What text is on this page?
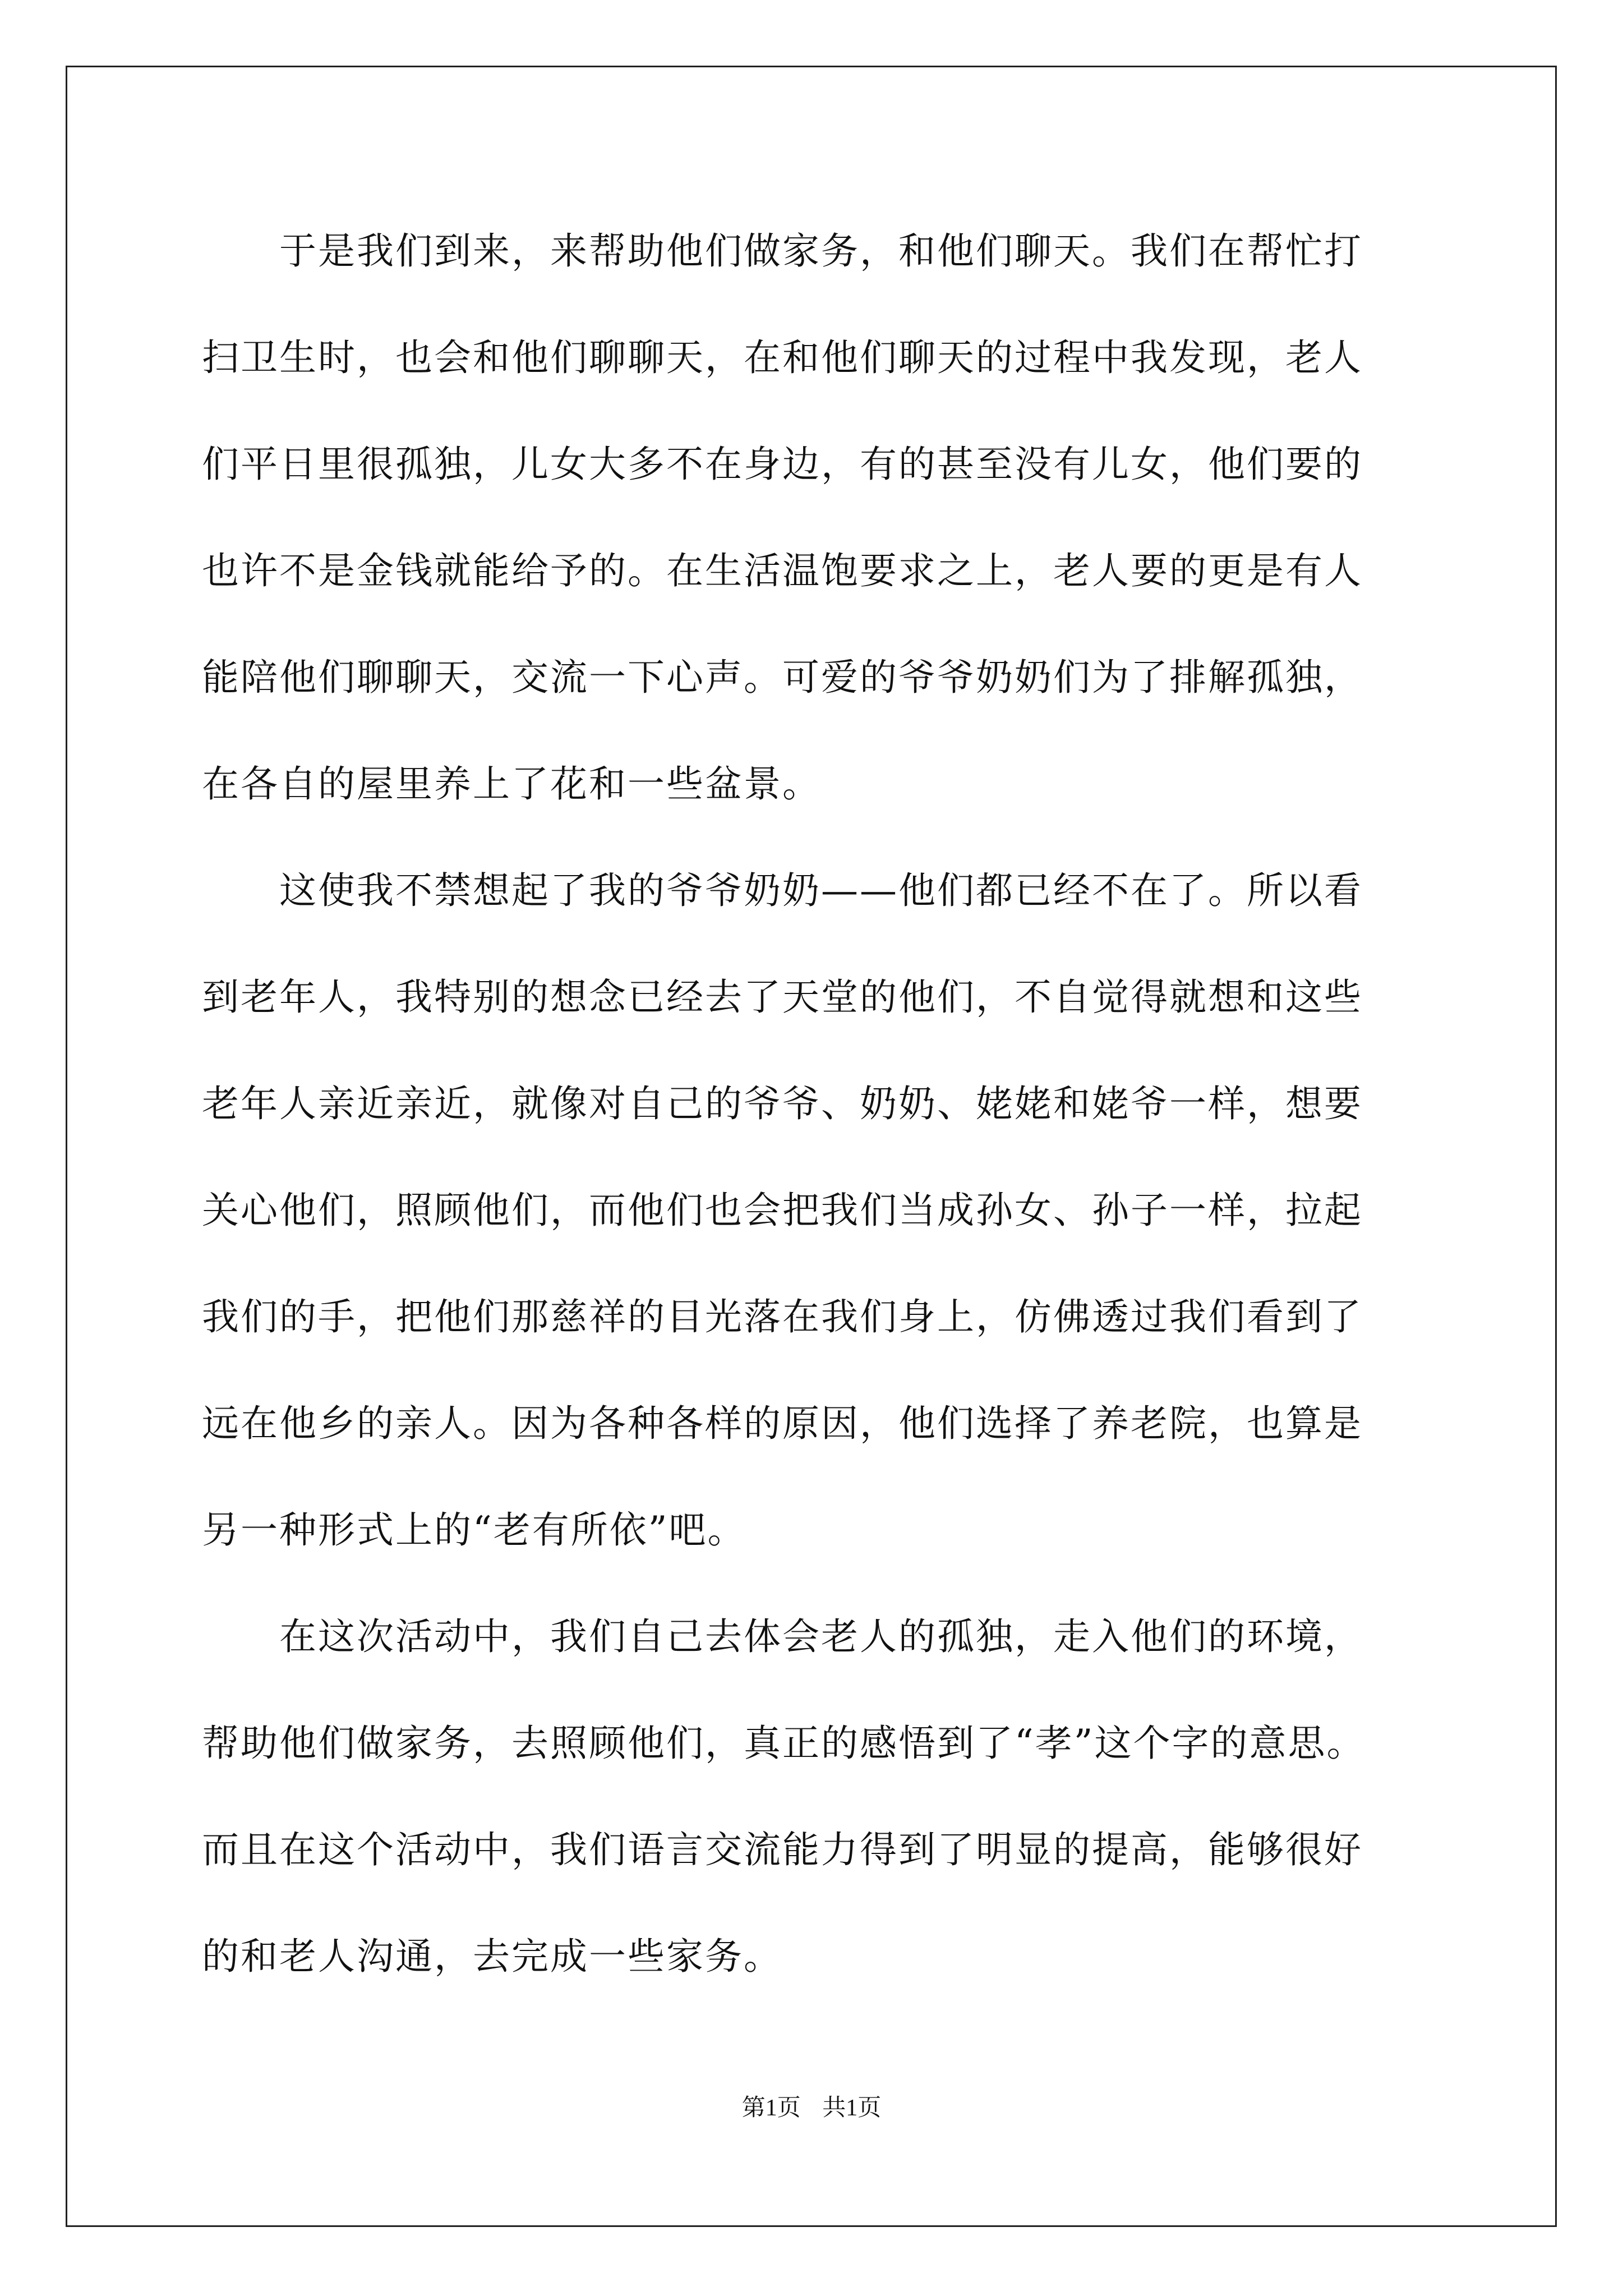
　　于是我们到来，来帮助他们做家务，和他们聊天。我们在帮忙打
扫卫生时，也会和他们聊聊天，在和他们聊天的过程中我发现，老人
们平日里很孤独，儿女大多不在身边，有的甚至没有儿女，他们要的
也许不是金钱就能给予的。在生活温饱要求之上，老人要的更是有人
能陪他们聊聊天，交流一下心声。可爱的爷爷奶奶们为了排解孤独，
在各自的屋里养上了花和一些盆景。
　　这使我不禁想起了我的爷爷奶奶——他们都已经不在了。所以看
到老年人，我特别的想念已经去了天堂的他们，不自觉得就想和这些
老年人亲近亲近，就像对自己的爷爷、奶奶、姥姥和姥爷一样，想要
关心他们，照顾他们，而他们也会把我们当成孙女、孙子一样，拉起
我们的手，把他们那慈祥的目光落在我们身上，仿佛透过我们看到了
远在他乡的亲人。因为各种各样的原因，他们选择了养老院，也算是
另一种形式上的“老有所依”吧。
　　在这次活动中，我们自己去体会老人的孤独，走入他们的环境，
帮助他们做家务，去照顾他们，真正的感悟到了“孝”这个字的意思。
而且在这个活动中，我们语言交流能力得到了明显的提高，能够很好
的和老人沟通，去完成一些家务。
第1页 共1页
